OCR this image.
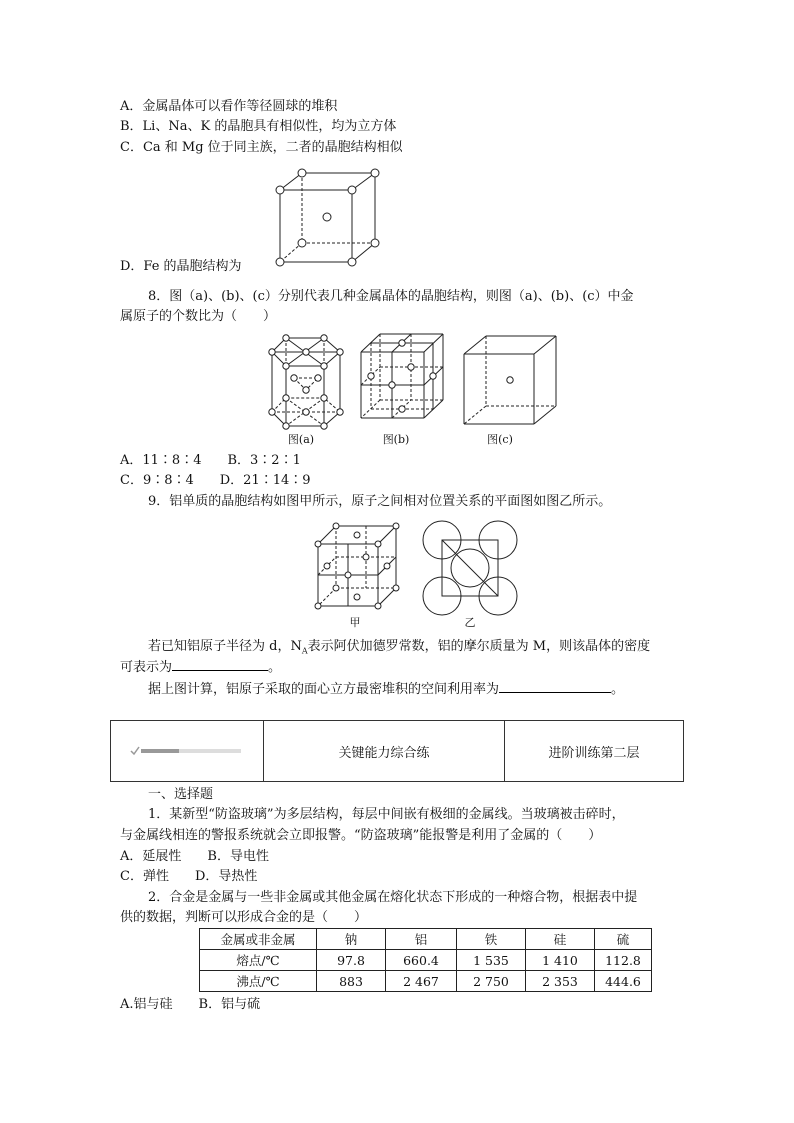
A．金属晶体可以看作等径圆球的堆积
B．Li、Na、K 的晶胞具有相似性，均为立方体
C．Ca 和 Mg 位于同主族，二者的晶胞结构相似
D．Fe 的晶胞结构为
8．图（a)、(b)、(c）分别代表几种金属晶体的晶胞结构，则图（a)、(b)、(c）中金
属原子的个数比为（　　）
图(a)	图(b)	图(c)
A．11∶8∶4　　B．3∶2∶1
C．9∶8∶4　　D．21∶14∶9
9．铝单质的晶胞结构如图甲所示，原子之间相对位置关系的平面图如图乙所示。
甲	乙
若已知铝原子半径为 d，$N_A$表示阿伏加德罗常数，铝的摩尔质量为 M，则该晶体的密度
可表示为	。
据上图计算，铝原子采取的面心立方最密堆积的空间利用率为	。
关键能力综合练	进阶训练第二层
一、选择题
1．某新型“防盗玻璃”为多层结构，每层中间嵌有极细的金属线。当玻璃被击碎时，
与金属线相连的警报系统就会立即报警。“防盗玻璃”能报警是利用了金属的（　　）
A．延展性　　B．导电性
C．弹性　　D．导热性
2．合金是金属与一些非金属或其他金属在熔化状态下形成的一种熔合物，根据表中提
供的数据，判断可以形成合金的是（　　）
金属或非金属	钠	铝	铁	硅	硫
熔点/℃	97.8	660.4	1 535	1 410	112.8
沸点/℃	883	2 467	2 750	2 353	444.6
A.铝与硅　　B．铝与硫
